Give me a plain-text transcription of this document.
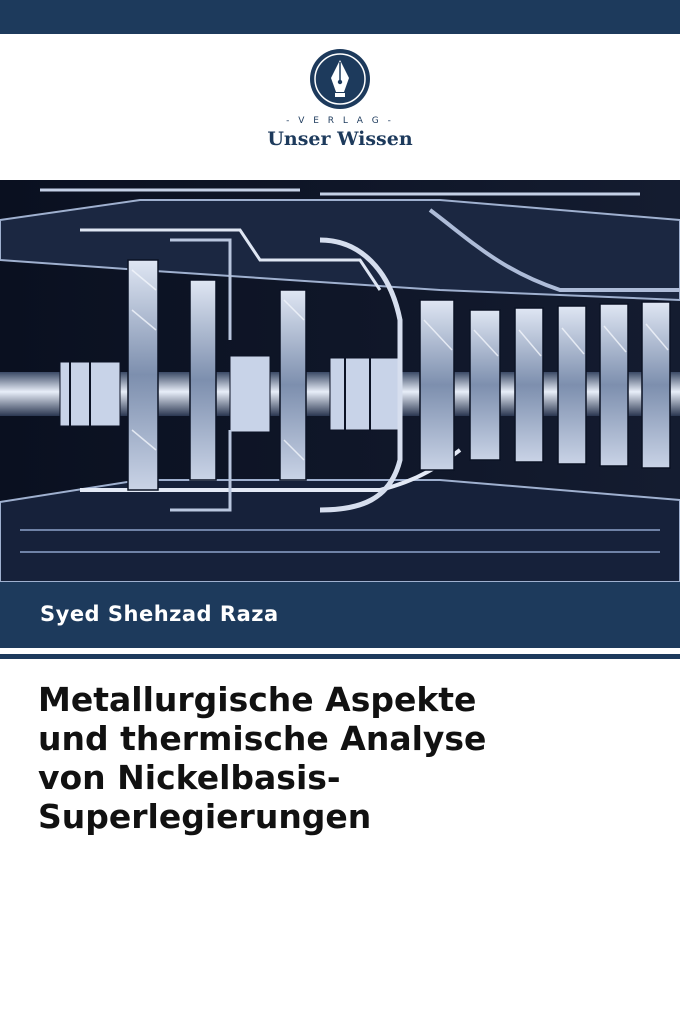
- V E R L A G -
Unser Wissen
Syed Shehzad Raza
Metallurgische Aspekte
und thermische Analyse
von Nickelbasis-
Superlegierungen
